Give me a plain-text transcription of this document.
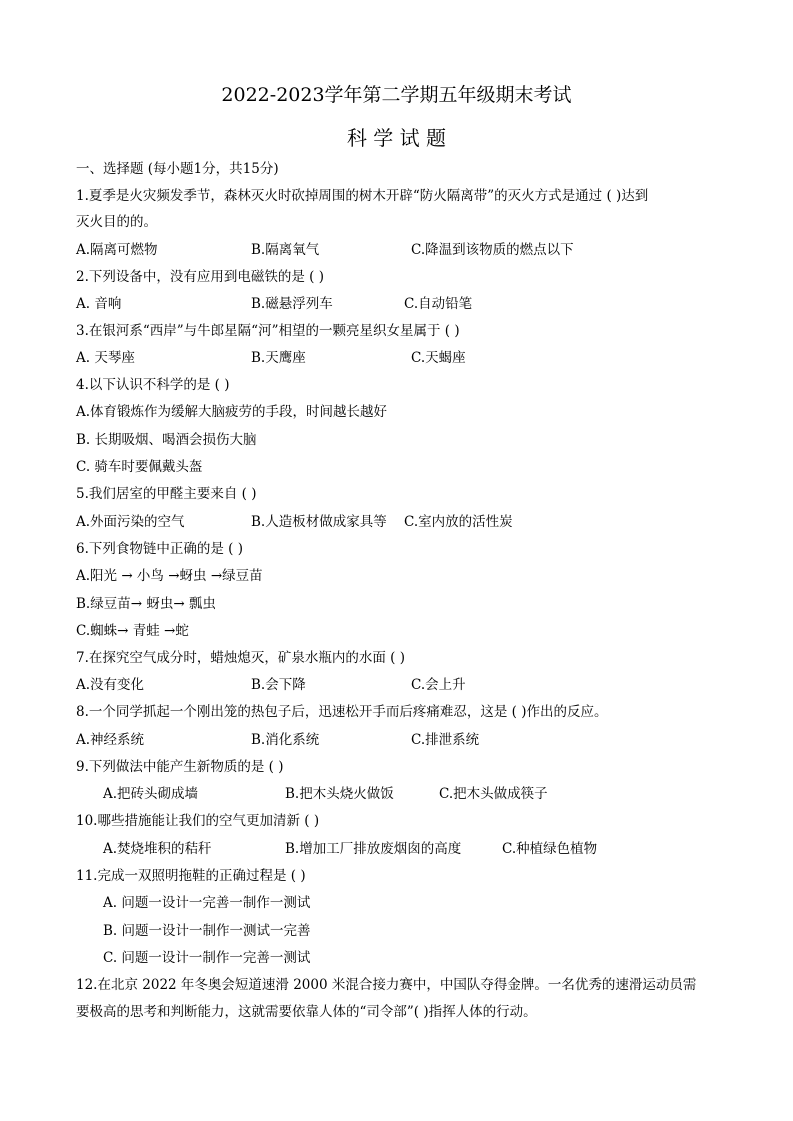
2022-2023学年第二学期五年级期末考试
科 学 试 题
一、选择题 (每小题1分，共15分)
1.夏季是火灾频发季节，森林灭火时砍掉周围的树木开辟“防火隔离带”的灭火方式是通过 ( )达到
灭火目的的。
A.隔离可燃物	B.隔离氧气	C.降温到该物质的燃点以下
2.下列设备中，没有应用到电磁铁的是 ( )
A. 音响	B.磁悬浮列车	C.自动铅笔
3.在银河系“西岸”与牛郎星隔“河”相望的一颗亮星织女星属于 ( )
A. 天琴座	B.天鹰座	C.天蝎座
4.以下认识不科学的是 ( )
A.体育锻炼作为缓解大脑疲劳的手段，时间越长越好
B. 长期吸烟、喝酒会损伤大脑
C. 骑车时要佩戴头盔
5.我们居室的甲醛主要来自 ( )
A.外面污染的空气	B.人造板材做成家具等 C.室内放的活性炭
6.下列食物链中正确的是 ( )
A.阳光 → 小鸟 →蚜虫 →绿豆苗
B.绿豆苗→ 蚜虫→ 瓢虫
C.蜘蛛→ 青蛙 →蛇
7.在探究空气成分时，蜡烛熄灭，矿泉水瓶内的水面 ( )
A.没有变化	B.会下降	C.会上升
8.一个同学抓起一个刚出笼的热包子后，迅速松开手而后疼痛难忍，这是 ( )作出的反应。
A.神经系统	B.消化系统	C.排泄系统
9.下列做法中能产生新物质的是 ( )
A.把砖头砌成墙	B.把木头烧火做饭	C.把木头做成筷子
10.哪些措施能让我们的空气更加清新 ( )
A.焚烧堆积的秸秆	B.增加工厂排放废烟囱的高度	C.种植绿色植物
11.完成一双照明拖鞋的正确过程是 ( )
A. 问题一设计一完善一制作一测试
B. 问题一设计一制作一测试一完善
C. 问题一设计一制作一完善一测试
12.在北京 2022 年冬奥会短道速滑 2000 米混合接力赛中，中国队夺得金牌。一名优秀的速滑运动员需
要极高的思考和判断能力，这就需要依靠人体的“司令部”( )指挥人体的行动。
